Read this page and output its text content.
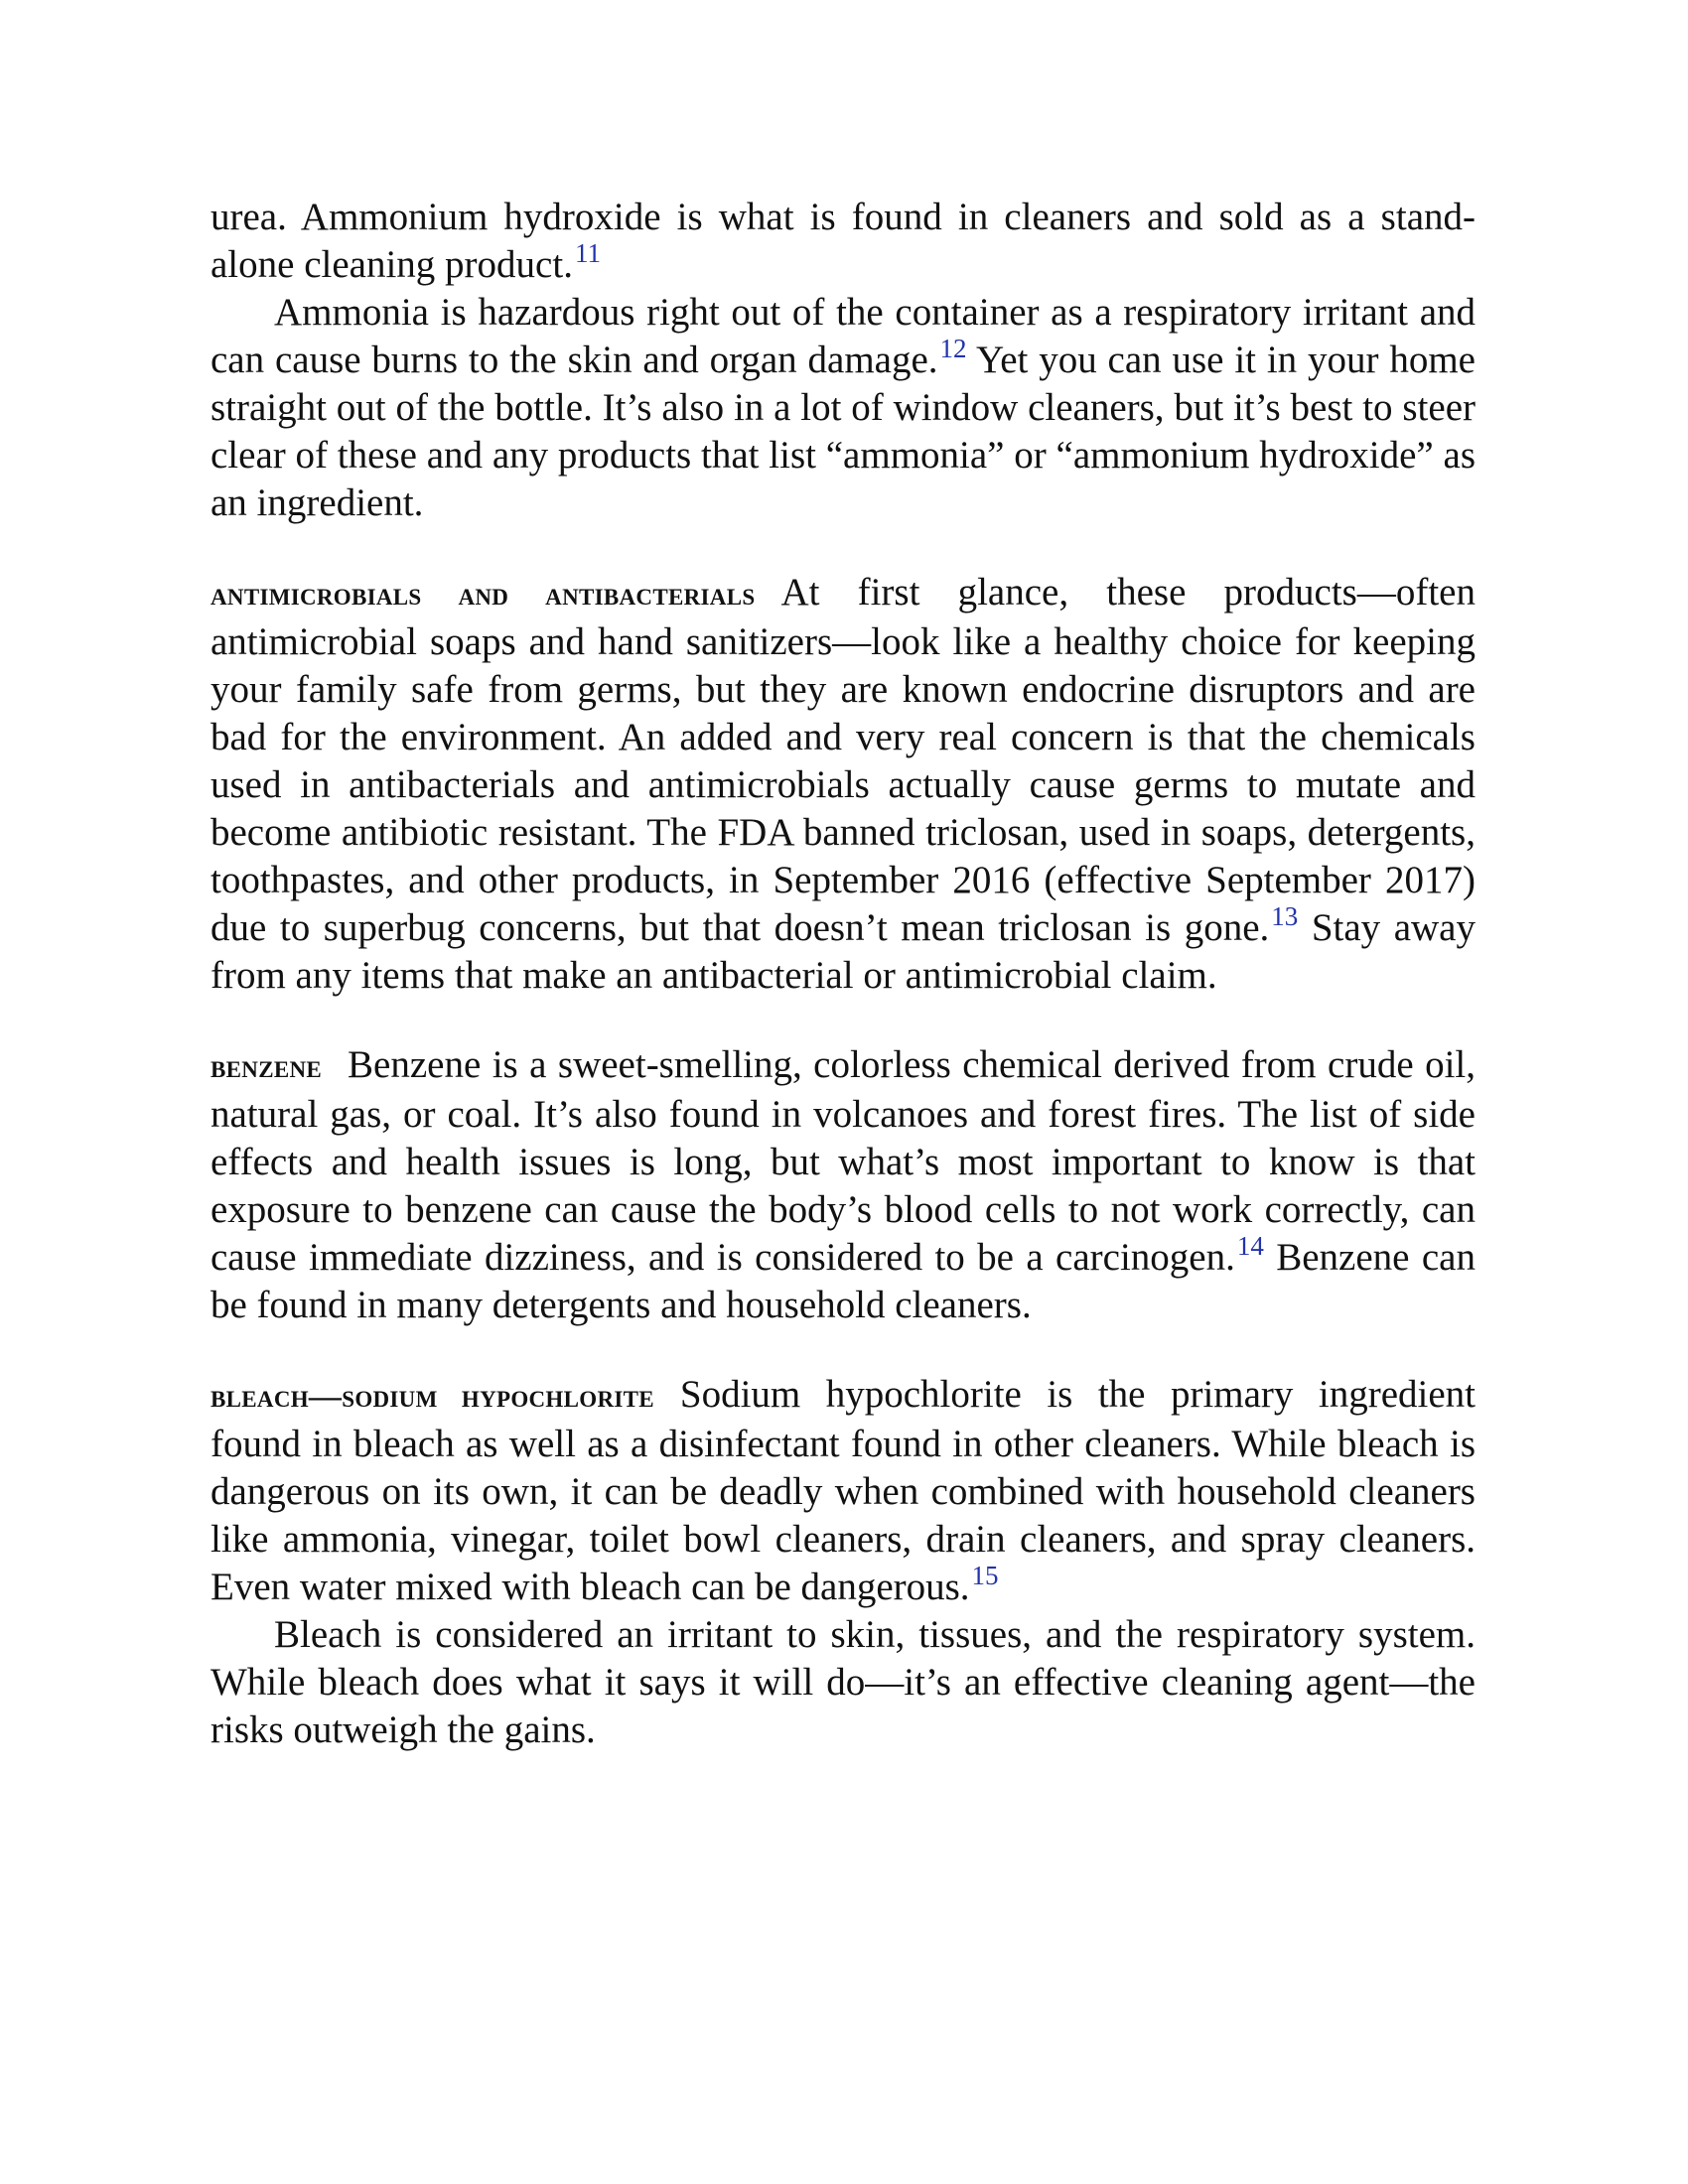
urea. Ammonium hydroxide is what is found in cleaners and sold as a stand-alone cleaning product.$^{11}$

Ammonia is hazardous right out of the container as a respiratory irritant and can cause burns to the skin and organ damage.$^{12}$ Yet you can use it in your home straight out of the bottle. It’s also in a lot of window cleaners, but it’s best to steer clear of these and any products that list “ammonia” or “ammonium hydroxide” as an ingredient.

antimicrobials and antibacterials At first glance, these products—often antimicrobial soaps and hand sanitizers—look like a healthy choice for keeping your family safe from germs, but they are known endocrine disruptors and are bad for the environment. An added and very real concern is that the chemicals used in antibacterials and antimicrobials actually cause germs to mutate and become antibiotic resistant. The FDA banned triclosan, used in soaps, detergents, toothpastes, and other products, in September 2016 (effective September 2017) due to superbug concerns, but that doesn’t mean triclosan is gone.$^{13}$ Stay away from any items that make an antibacterial or antimicrobial claim.

benzene Benzene is a sweet-smelling, colorless chemical derived from crude oil, natural gas, or coal. It’s also found in volcanoes and forest fires. The list of side effects and health issues is long, but what’s most important to know is that exposure to benzene can cause the body’s blood cells to not work correctly, can cause immediate dizziness, and is considered to be a carcinogen.$^{14}$ Benzene can be found in many detergents and household cleaners.

bleach—sodium hypochlorite Sodium hypochlorite is the primary ingredient found in bleach as well as a disinfectant found in other cleaners. While bleach is dangerous on its own, it can be deadly when combined with household cleaners like ammonia, vinegar, toilet bowl cleaners, drain cleaners, and spray cleaners. Even water mixed with bleach can be dangerous.$^{15}$

Bleach is considered an irritant to skin, tissues, and the respiratory system. While bleach does what it says it will do—it’s an effective cleaning agent—the risks outweigh the gains.
